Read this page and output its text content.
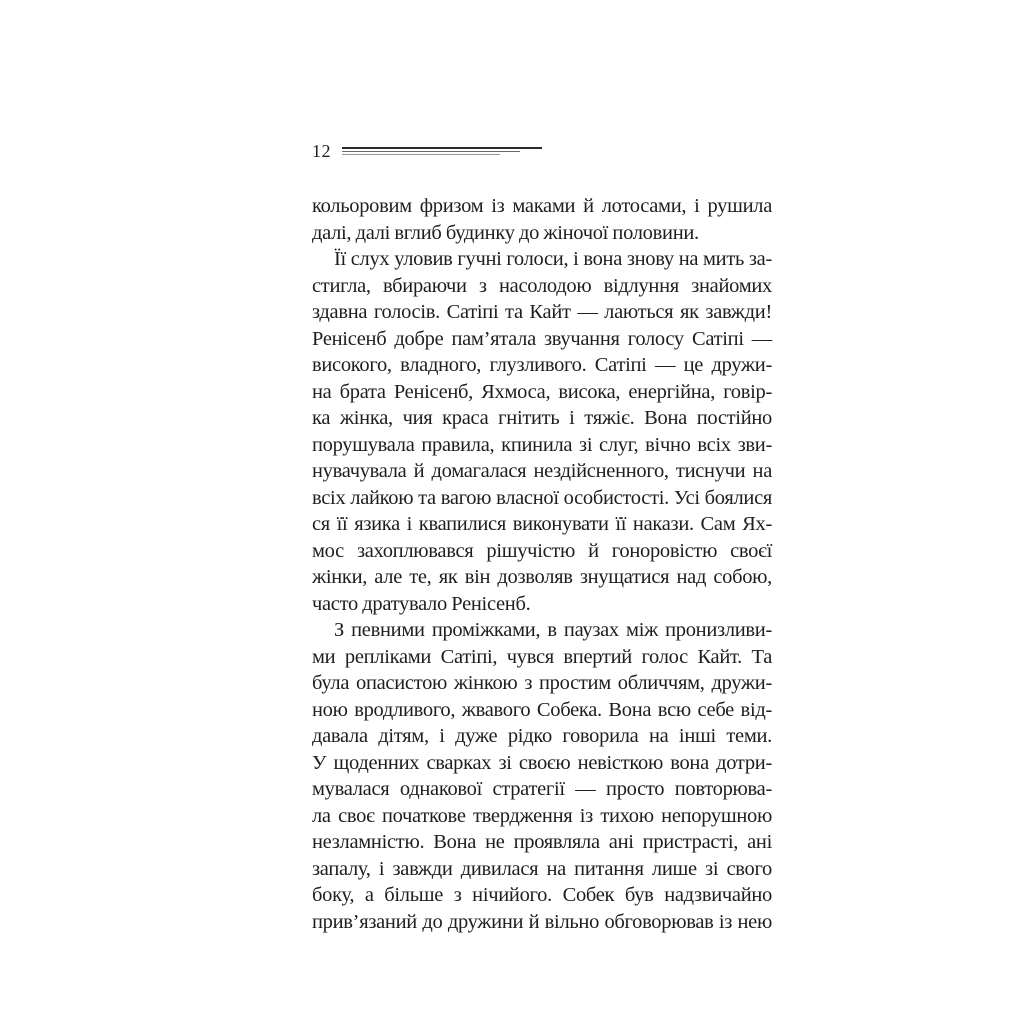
12
кольоровим фризом із маками й лотосами, і рушила
далі, далі вглиб будинку до жіночої половини.
Її слух уловив гучні голоси, і вона знову на мить за-
стигла, вбираючи з насолодою відлуння знайомих
здавна голосів. Сатіпі та Кайт — лаються як завжди!
Ренісенб добре пам’ятала звучання голосу Сатіпі —
високого, владного, глузливого. Сатіпі — це дружи-
на брата Ренісенб, Яхмоса, висока, енергійна, говір-
ка жінка, чия краса гнітить і тяжіє. Вона постійно
порушувала правила, кпинила зі слуг, вічно всіх зви-
нувачувала й домагалася нездійсненного, тиснучи на
всіх лайкою та вагою власної особистості. Усі боялися
ся її язика і квапилися виконувати її накази. Сам Ях-
мос захоплювався рішучістю й гоноровістю своєї
жінки, але те, як він дозволяв знущатися над собою,
часто дратувало Ренісенб.
З певними проміжками, в паузах між пронизливи-
ми репліками Сатіпі, чувся впертий голос Кайт. Та
була опасистою жінкою з простим обличчям, дружи-
ною вродливого, жвавого Собека. Вона всю себе від-
давала дітям, і дуже рідко говорила на інші теми.
У щоденних сварках зі своєю невісткою вона дотри-
мувалася однакової стратегії — просто повторюва-
ла своє початкове твердження із тихою непорушною
незламністю. Вона не проявляла ані пристрасті, ані
запалу, і завжди дивилася на питання лише зі свого
боку, а більше з нічийого. Собек був надзвичайно
прив’язаний до дружини й вільно обговорював із нею
